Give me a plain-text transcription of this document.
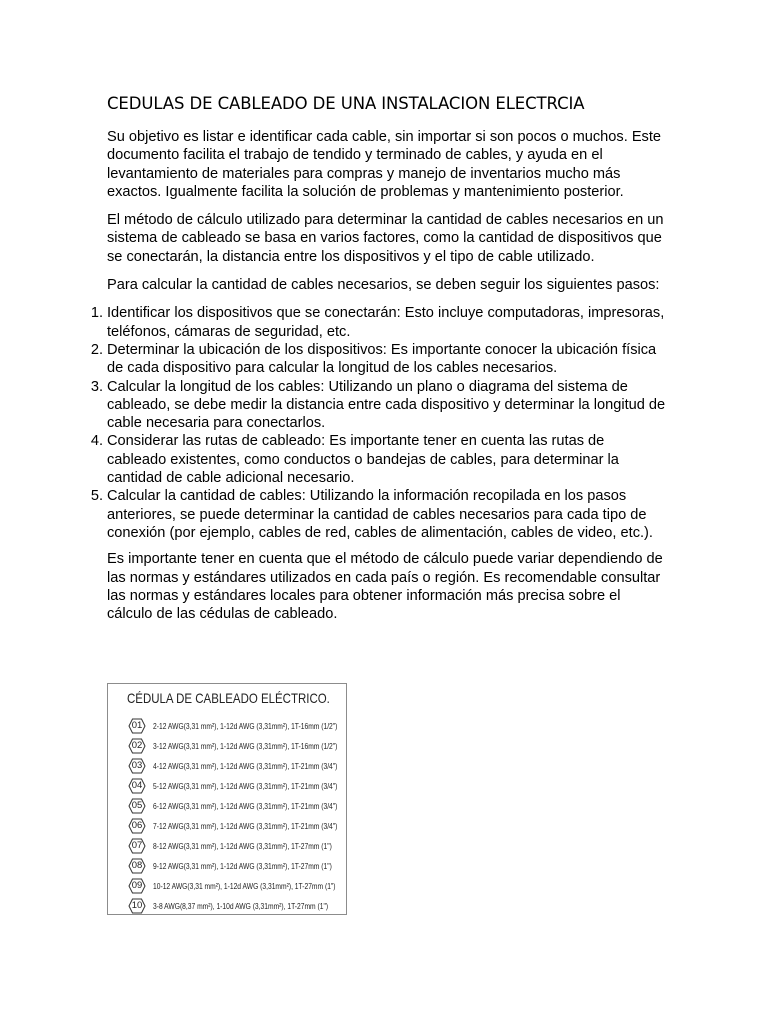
CEDULAS DE CABLEADO DE UNA INSTALACION ELECTRCIA

Su objetivo es listar e identificar cada cable, sin importar si son pocos o muchos. Este documento facilita el trabajo de tendido y terminado de cables, y ayuda en el levantamiento de materiales para compras y manejo de inventarios mucho más exactos. Igualmente facilita la solución de problemas y mantenimiento posterior.

El método de cálculo utilizado para determinar la cantidad de cables necesarios en un sistema de cableado se basa en varios factores, como la cantidad de dispositivos que se conectarán, la distancia entre los dispositivos y el tipo de cable utilizado.

Para calcular la cantidad de cables necesarios, se deben seguir los siguientes pasos:

1. Identificar los dispositivos que se conectarán: Esto incluye computadoras, impresoras, teléfonos, cámaras de seguridad, etc.
2. Determinar la ubicación de los dispositivos: Es importante conocer la ubicación física de cada dispositivo para calcular la longitud de los cables necesarios.
3. Calcular la longitud de los cables: Utilizando un plano o diagrama del sistema de cableado, se debe medir la distancia entre cada dispositivo y determinar la longitud de cable necesaria para conectarlos.
4. Considerar las rutas de cableado: Es importante tener en cuenta las rutas de cableado existentes, como conductos o bandejas de cables, para determinar la cantidad de cable adicional necesario.
5. Calcular la cantidad de cables: Utilizando la información recopilada en los pasos anteriores, se puede determinar la cantidad de cables necesarios para cada tipo de conexión (por ejemplo, cables de red, cables de alimentación, cables de video, etc.).

Es importante tener en cuenta que el método de cálculo puede variar dependiendo de las normas y estándares utilizados en cada país o región. Es recomendable consultar las normas y estándares locales para obtener información más precisa sobre el cálculo de las cédulas de cableado.

CÉDULA DE CABLEADO ELÉCTRICO.
01	2-12 AWG(3,31 mm²), 1-12d AWG (3,31mm²), 1T-16mm (1/2")
02	3-12 AWG(3,31 mm²), 1-12d AWG (3,31mm²), 1T-16mm (1/2")
03	4-12 AWG(3,31 mm²), 1-12d AWG (3,31mm²), 1T-21mm (3/4")
04	5-12 AWG(3,31 mm²), 1-12d AWG (3,31mm²), 1T-21mm (3/4")
05	6-12 AWG(3,31 mm²), 1-12d AWG (3,31mm²), 1T-21mm (3/4")
06	7-12 AWG(3,31 mm²), 1-12d AWG (3,31mm²), 1T-21mm (3/4")
07	8-12 AWG(3,31 mm²), 1-12d AWG (3,31mm²), 1T-27mm (1")
08	9-12 AWG(3,31 mm²), 1-12d AWG (3,31mm²), 1T-27mm (1")
09	10-12 AWG(3,31 mm²), 1-12d AWG (3,31mm²), 1T-27mm (1")
10	3-8 AWG(8,37 mm²), 1-10d AWG (3,31mm²), 1T-27mm (1")
